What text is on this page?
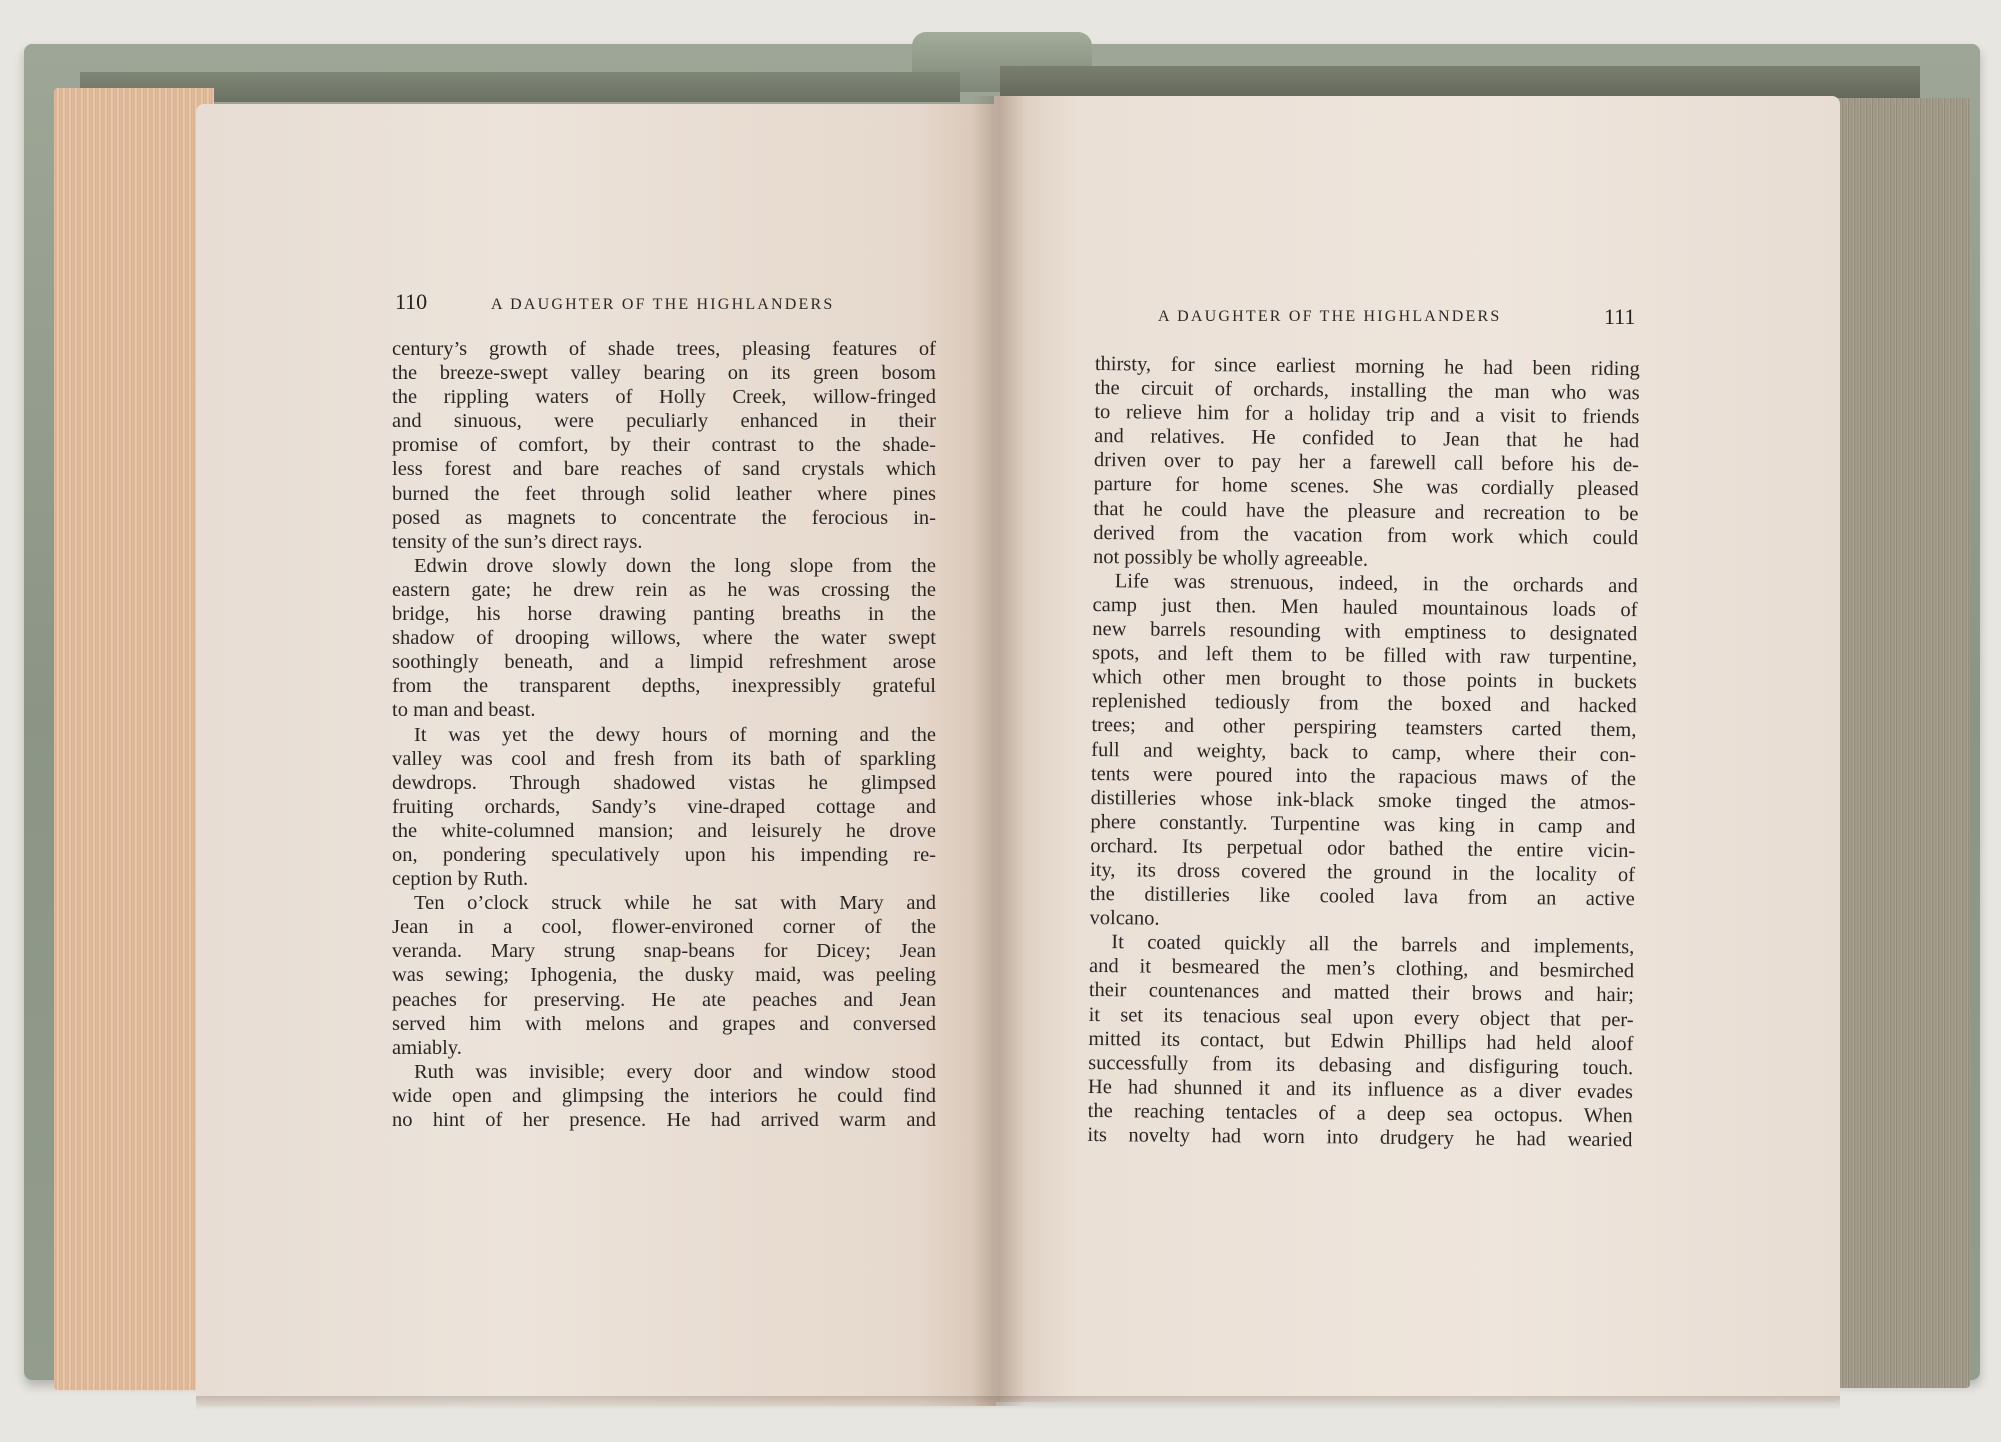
110	A DAUGHTER OF THE HIGHLANDERS
A DAUGHTER OF THE HIGHLANDERS	111
century’s growth of shade trees, pleasing features of
the breeze-swept valley bearing on its green bosom
the rippling waters of Holly Creek, willow-fringed
and sinuous, were peculiarly enhanced in their
promise of comfort, by their contrast to the shade-
less forest and bare reaches of sand crystals which
burned the feet through solid leather where pines
posed as magnets to concentrate the ferocious in-
tensity of the sun’s direct rays.
Edwin drove slowly down the long slope from the
eastern gate; he drew rein as he was crossing the
bridge, his horse drawing panting breaths in the
shadow of drooping willows, where the water swept
soothingly beneath, and a limpid refreshment arose
from the transparent depths, inexpressibly grateful
to man and beast.
It was yet the dewy hours of morning and the
valley was cool and fresh from its bath of sparkling
dewdrops. Through shadowed vistas he glimpsed
fruiting orchards, Sandy’s vine-draped cottage and
the white-columned mansion; and leisurely he drove
on, pondering speculatively upon his impending re-
ception by Ruth.
Ten o’clock struck while he sat with Mary and
Jean in a cool, flower-environed corner of the
veranda. Mary strung snap-beans for Dicey; Jean
was sewing; Iphogenia, the dusky maid, was peeling
peaches for preserving. He ate peaches and Jean
served him with melons and grapes and conversed
amiably.
Ruth was invisible; every door and window stood
wide open and glimpsing the interiors he could find
no hint of her presence. He had arrived warm and
thirsty, for since earliest morning he had been riding
the circuit of orchards, installing the man who was
to relieve him for a holiday trip and a visit to friends
and relatives. He confided to Jean that he had
driven over to pay her a farewell call before his de-
parture for home scenes. She was cordially pleased
that he could have the pleasure and recreation to be
derived from the vacation from work which could
not possibly be wholly agreeable.
Life was strenuous, indeed, in the orchards and
camp just then. Men hauled mountainous loads of
new barrels resounding with emptiness to designated
spots, and left them to be filled with raw turpentine,
which other men brought to those points in buckets
replenished tediously from the boxed and hacked
trees; and other perspiring teamsters carted them,
full and weighty, back to camp, where their con-
tents were poured into the rapacious maws of the
distilleries whose ink-black smoke tinged the atmos-
phere constantly. Turpentine was king in camp and
orchard. Its perpetual odor bathed the entire vicin-
ity, its dross covered the ground in the locality of
the distilleries like cooled lava from an active
volcano.
It coated quickly all the barrels and implements,
and it besmeared the men’s clothing, and besmirched
their countenances and matted their brows and hair;
it set its tenacious seal upon every object that per-
mitted its contact, but Edwin Phillips had held aloof
successfully from its debasing and disfiguring touch.
He had shunned it and its influence as a diver evades
the reaching tentacles of a deep sea octopus. When
its novelty had worn into drudgery he had wearied
